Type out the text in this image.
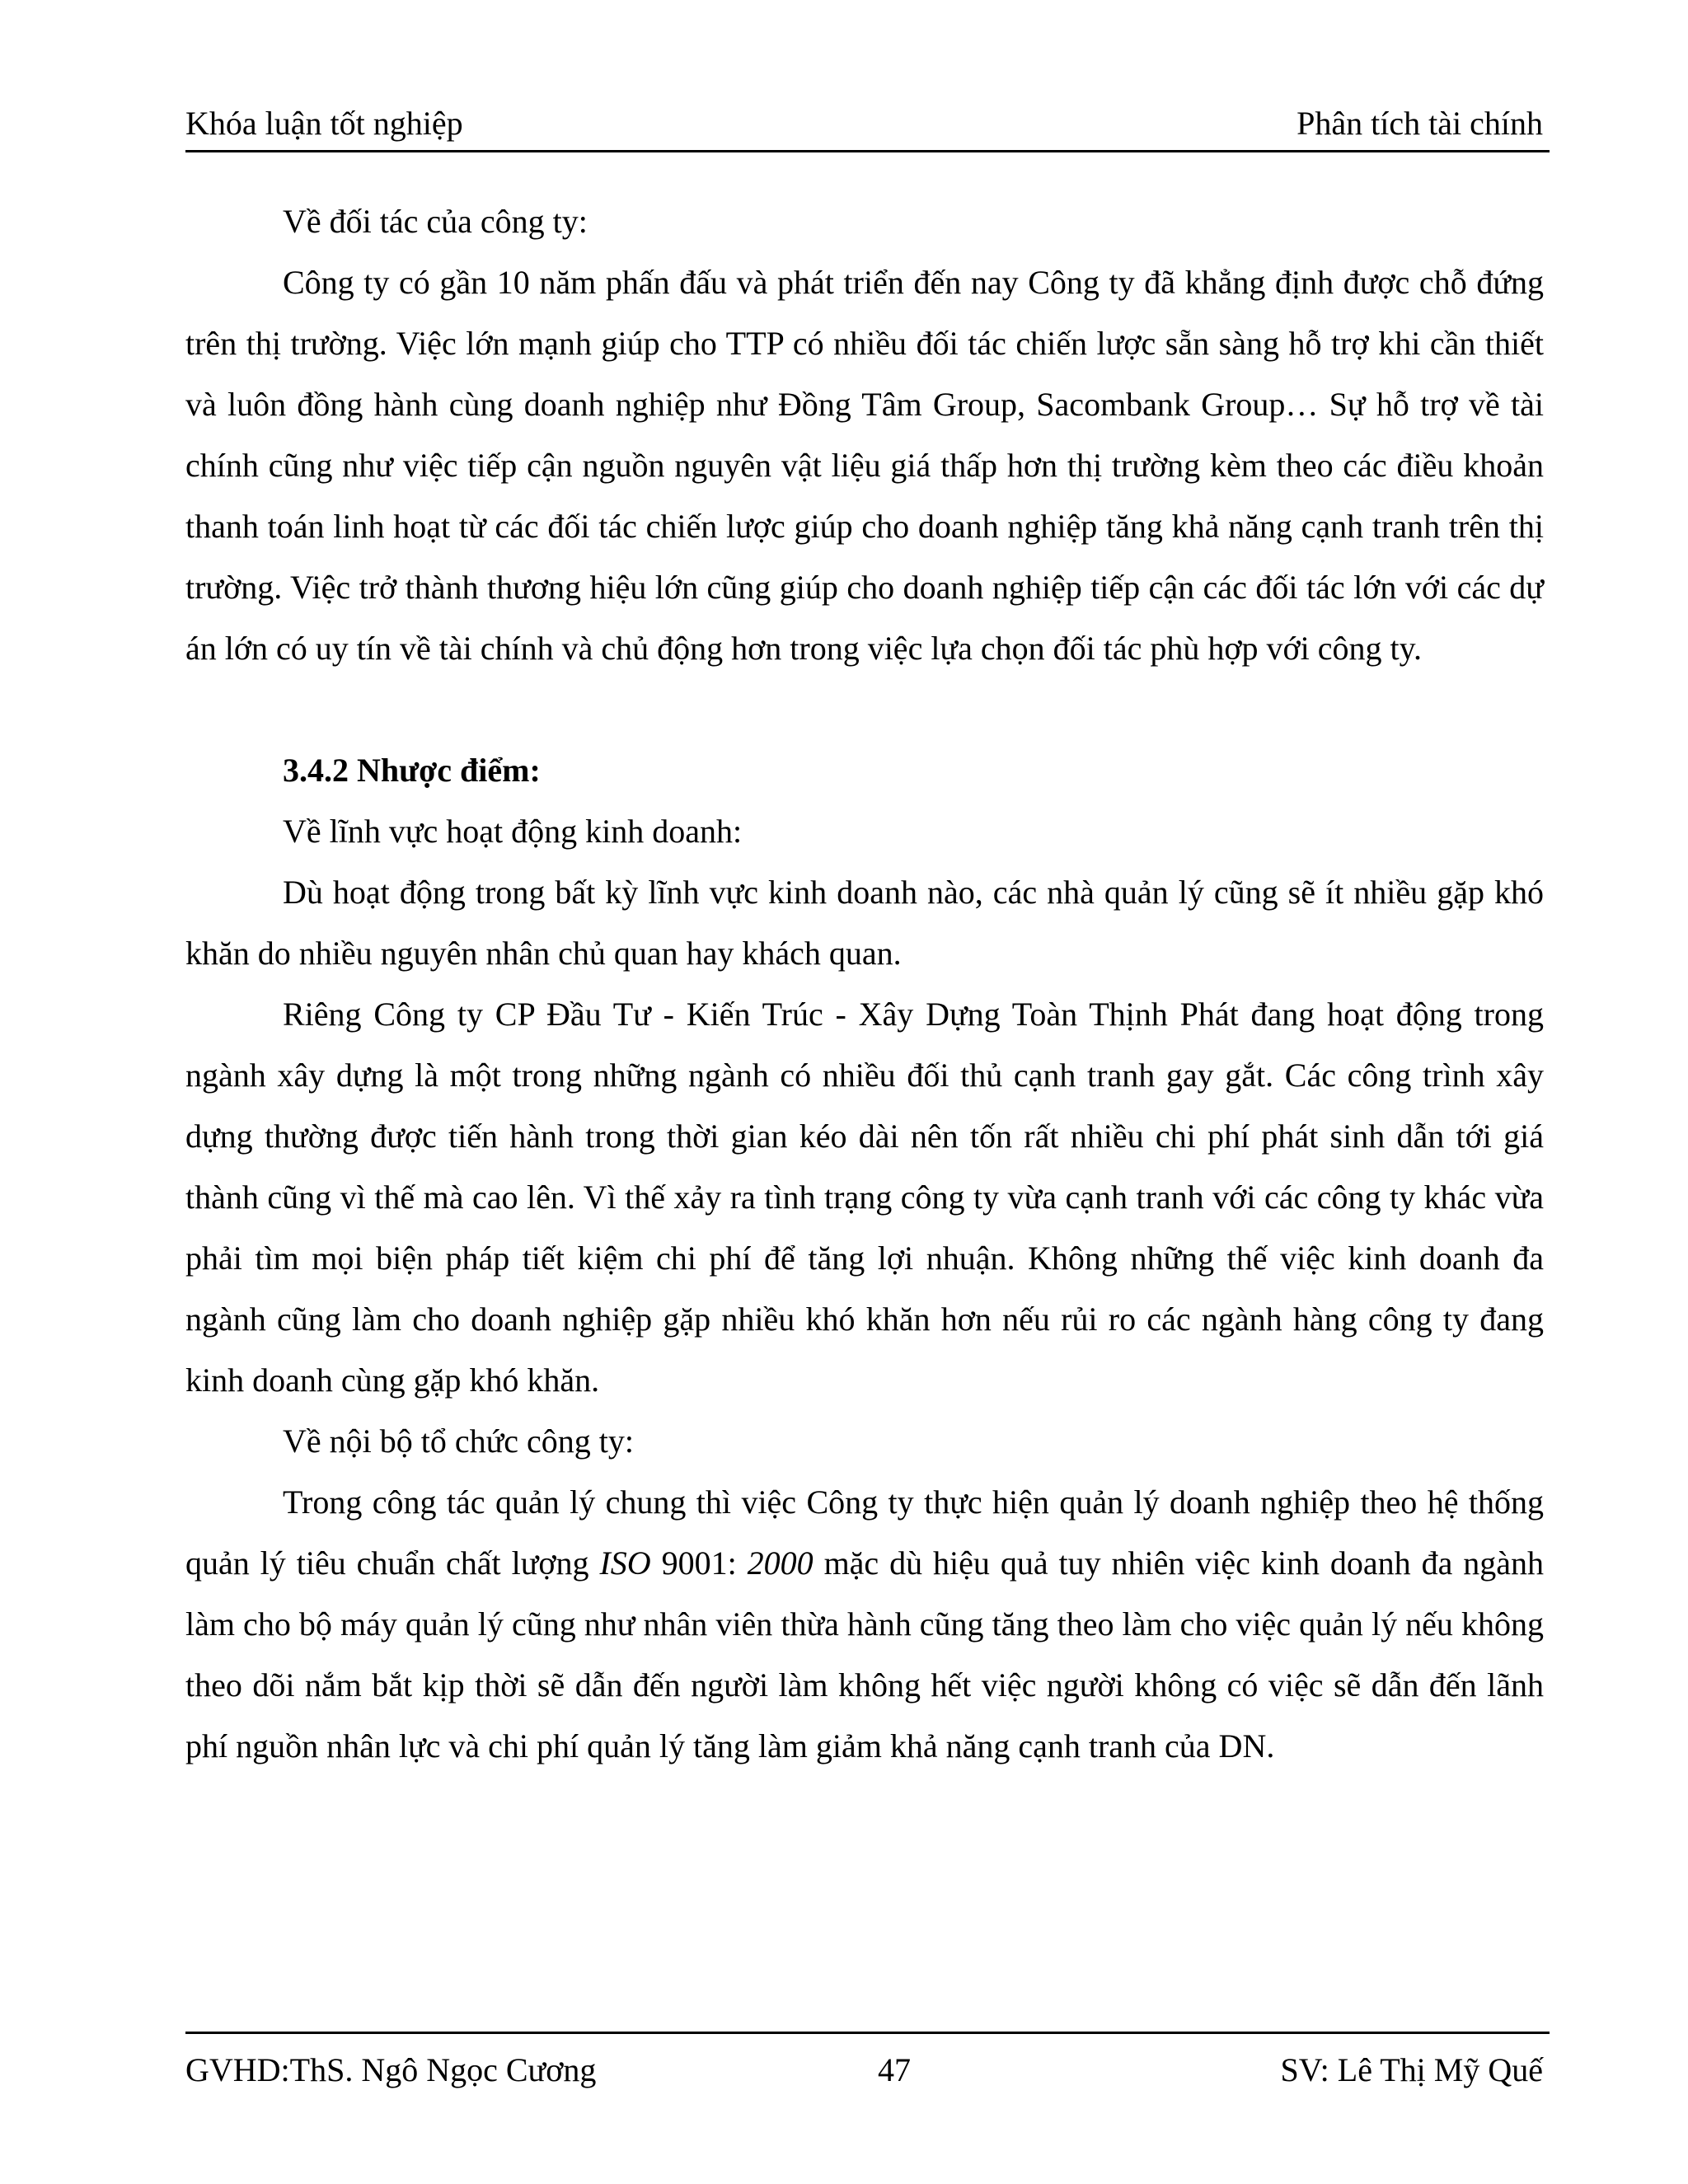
Khóa luận tốt nghiệp	Phân tích tài chính

Về đối tác của công ty:

Công ty có gần 10 năm phấn đấu và phát triển đến nay Công ty đã khẳng định được chỗ đứng trên thị trường. Việc lớn mạnh giúp cho TTP có nhiều đối tác chiến lược sẵn sàng hỗ trợ khi cần thiết và luôn đồng hành cùng doanh nghiệp như Đồng Tâm Group, Sacombank Group… Sự hỗ trợ về tài chính cũng như việc tiếp cận nguồn nguyên vật liệu giá thấp hơn thị trường kèm theo các điều khoản thanh toán linh hoạt từ các đối tác chiến lược giúp cho doanh nghiệp tăng khả năng cạnh tranh trên thị trường. Việc trở thành thương hiệu lớn cũng giúp cho doanh nghiệp tiếp cận các đối tác lớn với các dự án lớn có uy tín về tài chính và chủ động hơn trong việc lựa chọn đối tác phù hợp với công ty.

3.4.2 Nhược điểm:

Về lĩnh vực hoạt động kinh doanh:

Dù hoạt động trong bất kỳ lĩnh vực kinh doanh nào, các nhà quản lý cũng sẽ ít nhiều gặp khó khăn do nhiều nguyên nhân chủ quan hay khách quan.

Riêng Công ty CP Đầu Tư - Kiến Trúc - Xây Dựng Toàn Thịnh Phát đang hoạt động trong ngành xây dựng là một trong những ngành có nhiều đối thủ cạnh tranh gay gắt. Các công trình xây dựng thường được tiến hành trong thời gian kéo dài nên tốn rất nhiều chi phí phát sinh dẫn tới giá thành cũng vì thế mà cao lên. Vì thế xảy ra tình trạng công ty vừa cạnh tranh với các công ty khác vừa phải tìm mọi biện pháp tiết kiệm chi phí để tăng lợi nhuận. Không những thế việc kinh doanh đa ngành cũng làm cho doanh nghiệp gặp nhiều khó khăn hơn nếu rủi ro các ngành hàng công ty đang kinh doanh cùng gặp khó khăn.

Về nội bộ tổ chức công ty:

Trong công tác quản lý chung thì việc Công ty thực hiện quản lý doanh nghiệp theo hệ thống quản lý tiêu chuẩn chất lượng ISO 9001: 2000 mặc dù hiệu quả tuy nhiên việc kinh doanh đa ngành làm cho bộ máy quản lý cũng như nhân viên thừa hành cũng tăng theo làm cho việc quản lý nếu không theo dõi nắm bắt kịp thời sẽ dẫn đến người làm không hết việc người không có việc sẽ dẫn đến lãnh phí nguồn nhân lực và chi phí quản lý tăng làm giảm khả năng cạnh tranh của DN.

GVHD:ThS. Ngô Ngọc Cương	47	SV: Lê Thị Mỹ Quế
